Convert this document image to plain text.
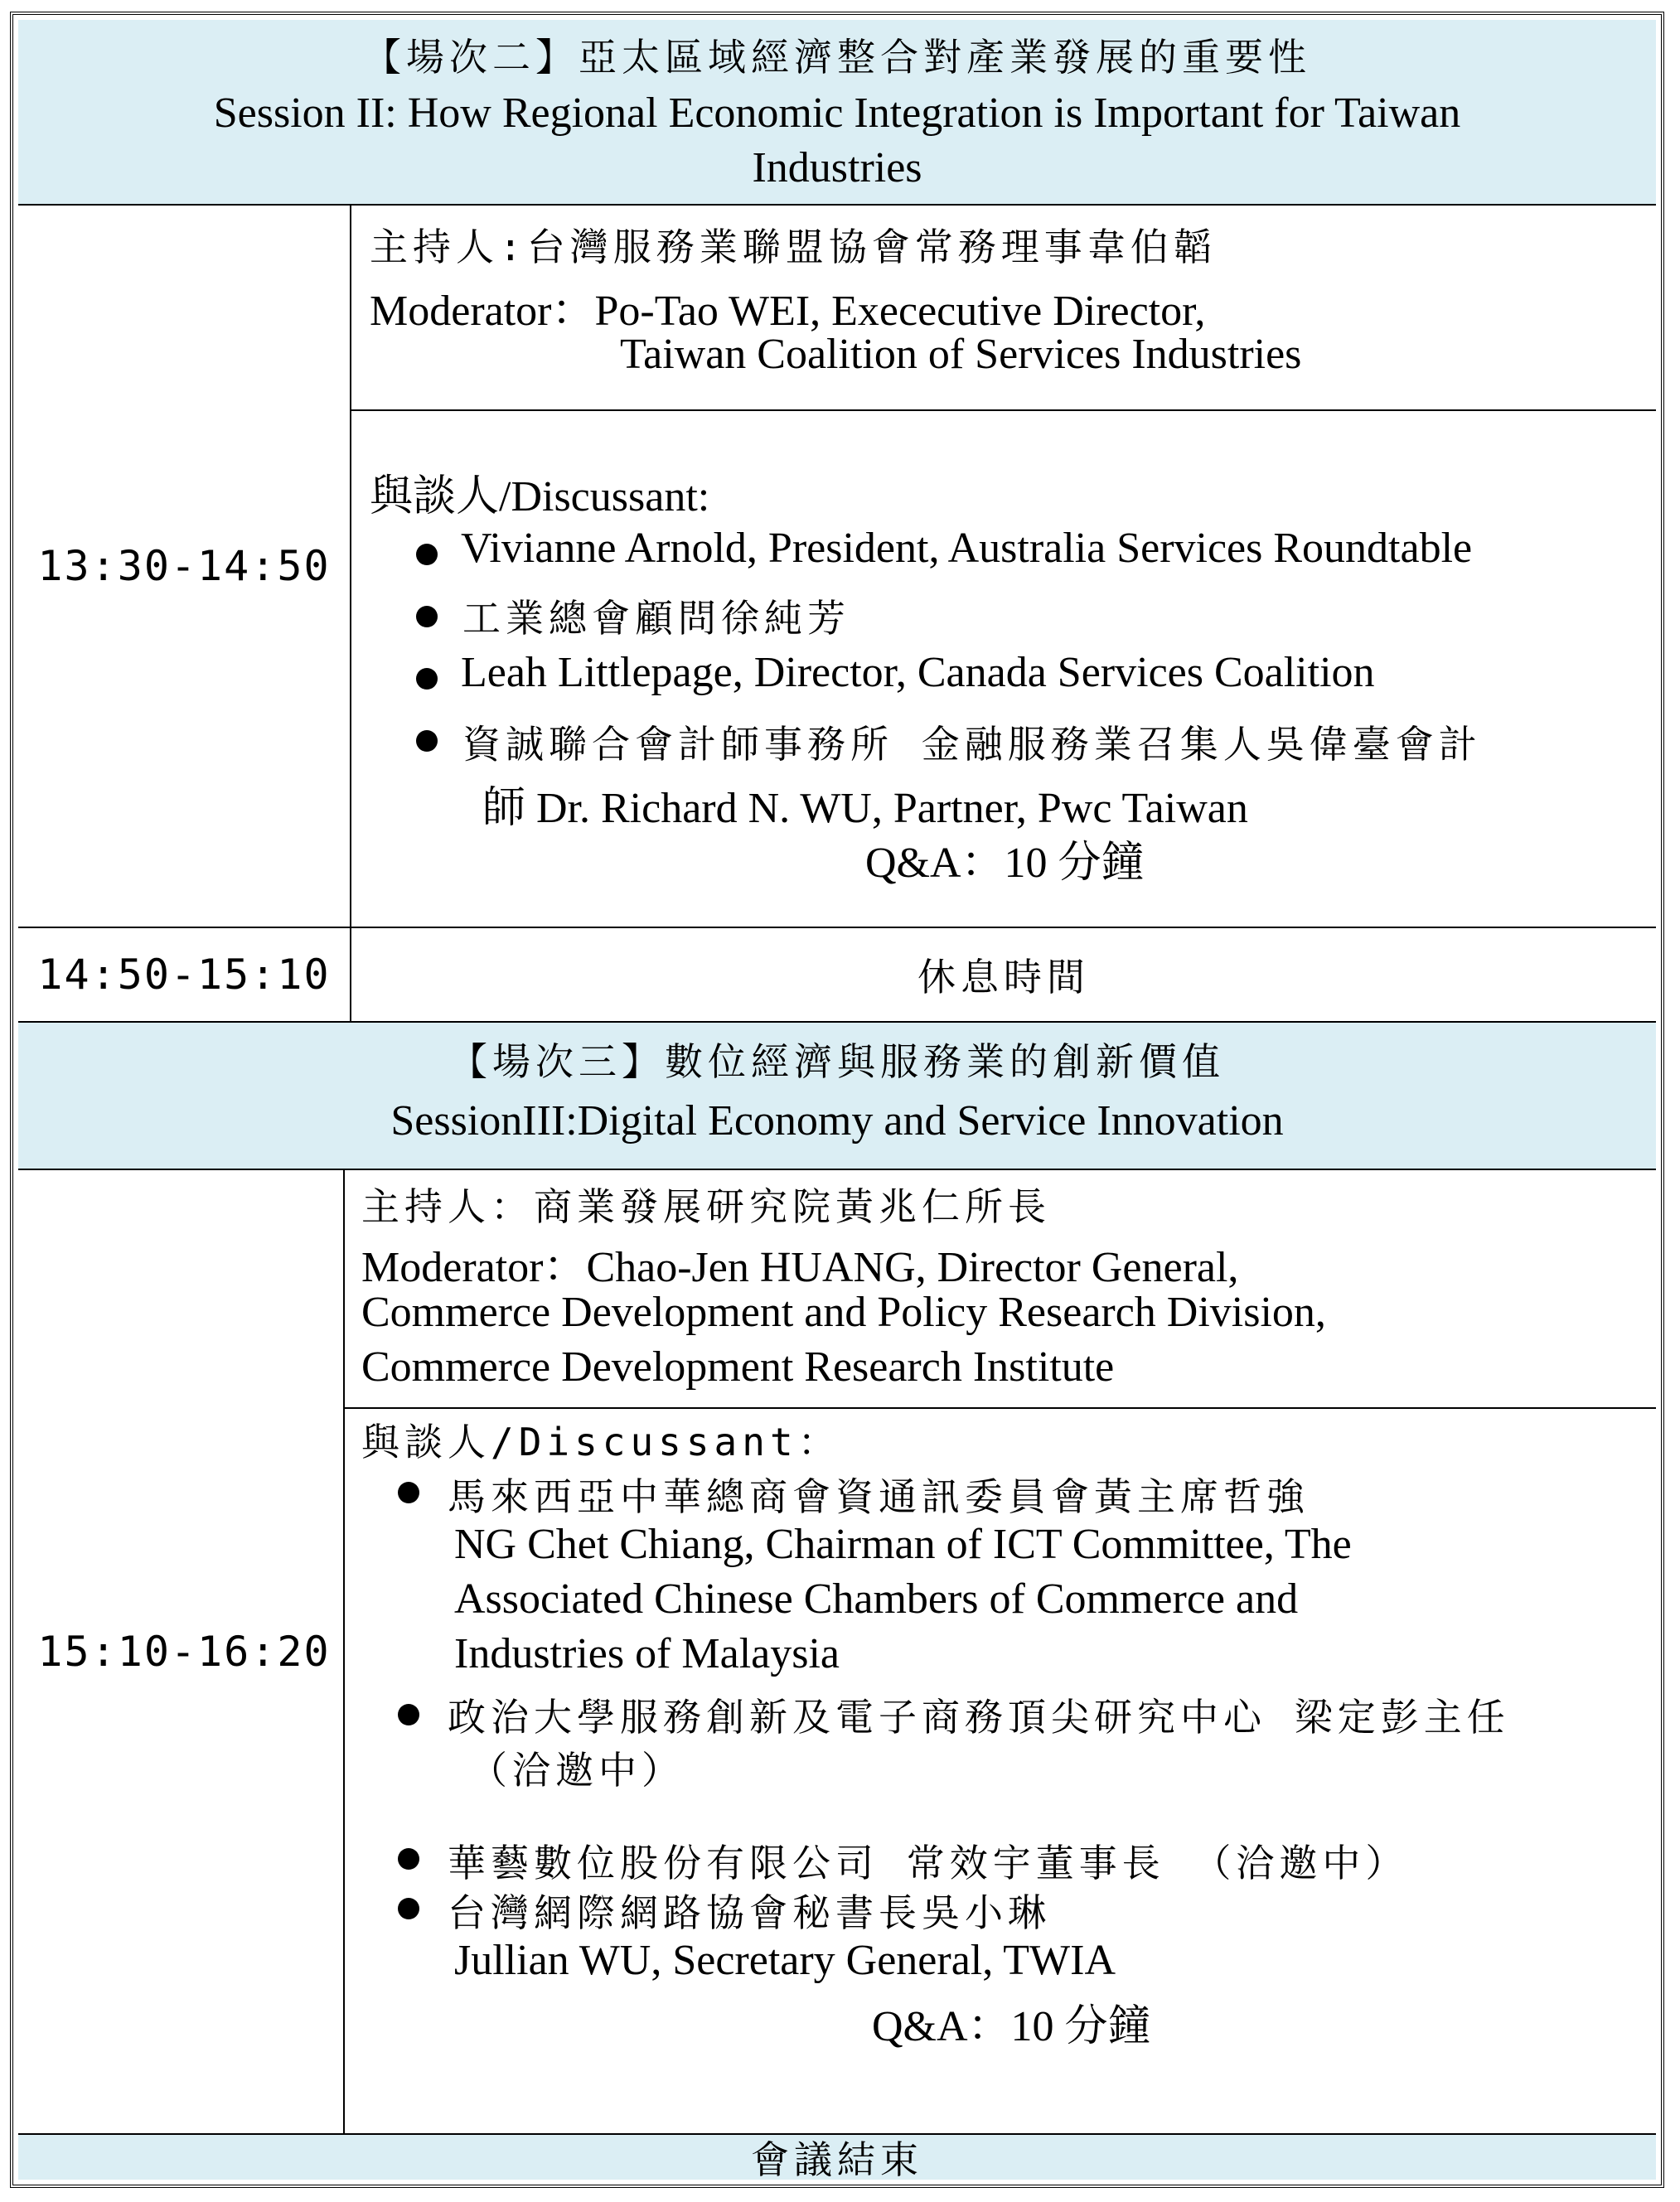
【場次二】亞太區域經濟整合對產業發展的重要性
Session II: How Regional Economic Integration is Important for Taiwan
Industries
13:30-14:50
主持人:台灣服務業聯盟協會常務理事韋伯韜
Moderator：Po-Tao WEI, Exececutive Director,
Taiwan Coalition of Services Industries
與談人/Discussant:
Vivianne Arnold, President, Australia Services Roundtable
工業總會顧問徐純芳
Leah Littlepage, Director, Canada Services Coalition
資誠聯合會計師事務所 金融服務業召集人吳偉臺會計
師 Dr. Richard N. WU, Partner, Pwc Taiwan
Q&A：10 分鐘
14:50-15:10	休息時間
【場次三】數位經濟與服務業的創新價值
SessionIII:Digital Economy and Service Innovation
15:10-16:20
主持人：商業發展研究院黃兆仁所長
Moderator：Chao-Jen HUANG, Director General,
Commerce Development and Policy Research Division,
Commerce Development Research Institute
與談人/Discussant：
馬來西亞中華總商會資通訊委員會黃主席哲強
NG Chet Chiang, Chairman of ICT Committee, The
Associated Chinese Chambers of Commerce and
Industries of Malaysia
政治大學服務創新及電子商務頂尖研究中心 梁定彭主任
（洽邀中）
華藝數位股份有限公司 常效宇董事長 （洽邀中）
台灣網際網路協會秘書長吳小琳
Jullian WU, Secretary General, TWIA
Q&A：10 分鐘
會議結束
